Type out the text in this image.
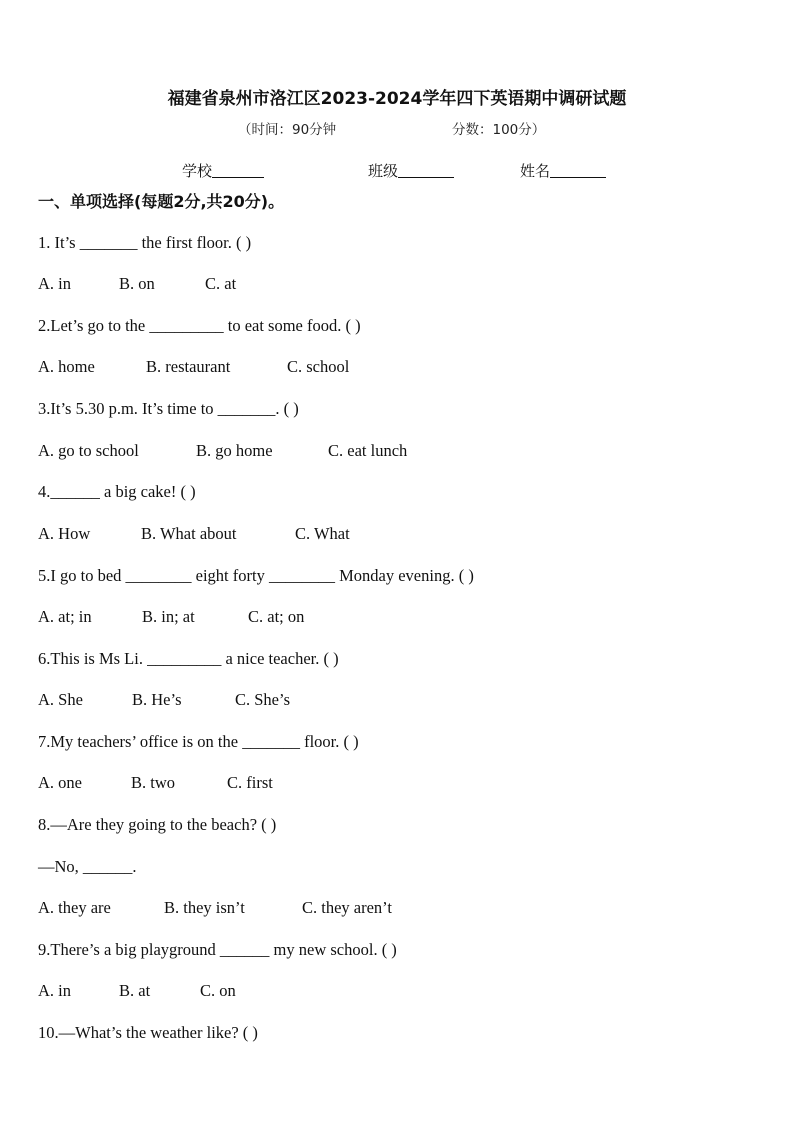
福建省泉州市洛江区2023-2024学年四下英语期中调研试题
（时间：90分钟	分数：100分）
学校	班级	姓名
一、单项选择(每题2分,共20分)。
1. It’s _______ the first floor. ( )
A. in	B. on	C. at
2.Let’s go to the _________ to eat some food. ( )
A. home	B. restaurant	C. school
3.It’s 5.30 p.m. It’s time to _______. ( )
A. go to school	B. go home	C. eat lunch
4.______ a big cake! ( )
A. How	B. What about	C. What
5.I go to bed ________ eight forty ________ Monday evening. ( )
A. at; in	B. in; at	C. at; on
6.This is Ms Li. _________ a nice teacher. ( )
A. She	B. He’s	C. She’s
7.My teachers’ office is on the _______ floor. ( )
A. one	B. two	C. first
8.—Are they going to the beach? ( )
—No, ______.
A. they are	B. they isn’t	C. they aren’t
9.There’s a big playground ______ my new school. ( )
A. in	B. at	C. on
10.—What’s the weather like? ( )
